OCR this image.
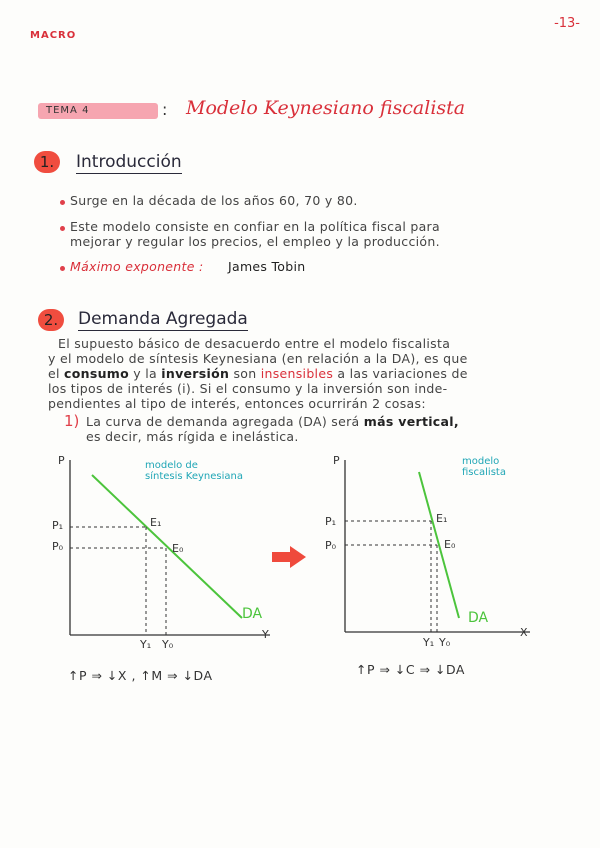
MACRO
-13-
TEMA 4	: Modelo Keynesiano fiscalista
1.	Introducción
Surge en la década de los años 60, 70 y 80.
Este modelo consiste en confiar en la política fiscal para
mejorar y regular los precios, el empleo y la producción.
Máximo exponente : James Tobin
2.	Demanda Agregada
El supuesto básico de desacuerdo entre el modelo fiscalista
y el modelo de síntesis Keynesiana (en relación a la DA), es que
el consumo y la inversión son insensibles a las variaciones de
los tipos de interés (i). Si el consumo y la inversión son inde-
pendientes al tipo de interés, entonces ocurrirán 2 cosas:
1) La curva de demanda agregada (DA) será más vertical,
es decir, más rígida e inelástica.
P
Y
modelo de
síntesis Keynesiana
P₁
P₀
E₁
E₀
Y₁ Y₀
DA
↑P ⇒ ↓X , ↑M ⇒ ↓DA
P
X
modelo
fiscalista
P₁
P₀
E₁
E₀
Y₁ Y₀
DA
↑P ⇒ ↓C ⇒ ↓DA
